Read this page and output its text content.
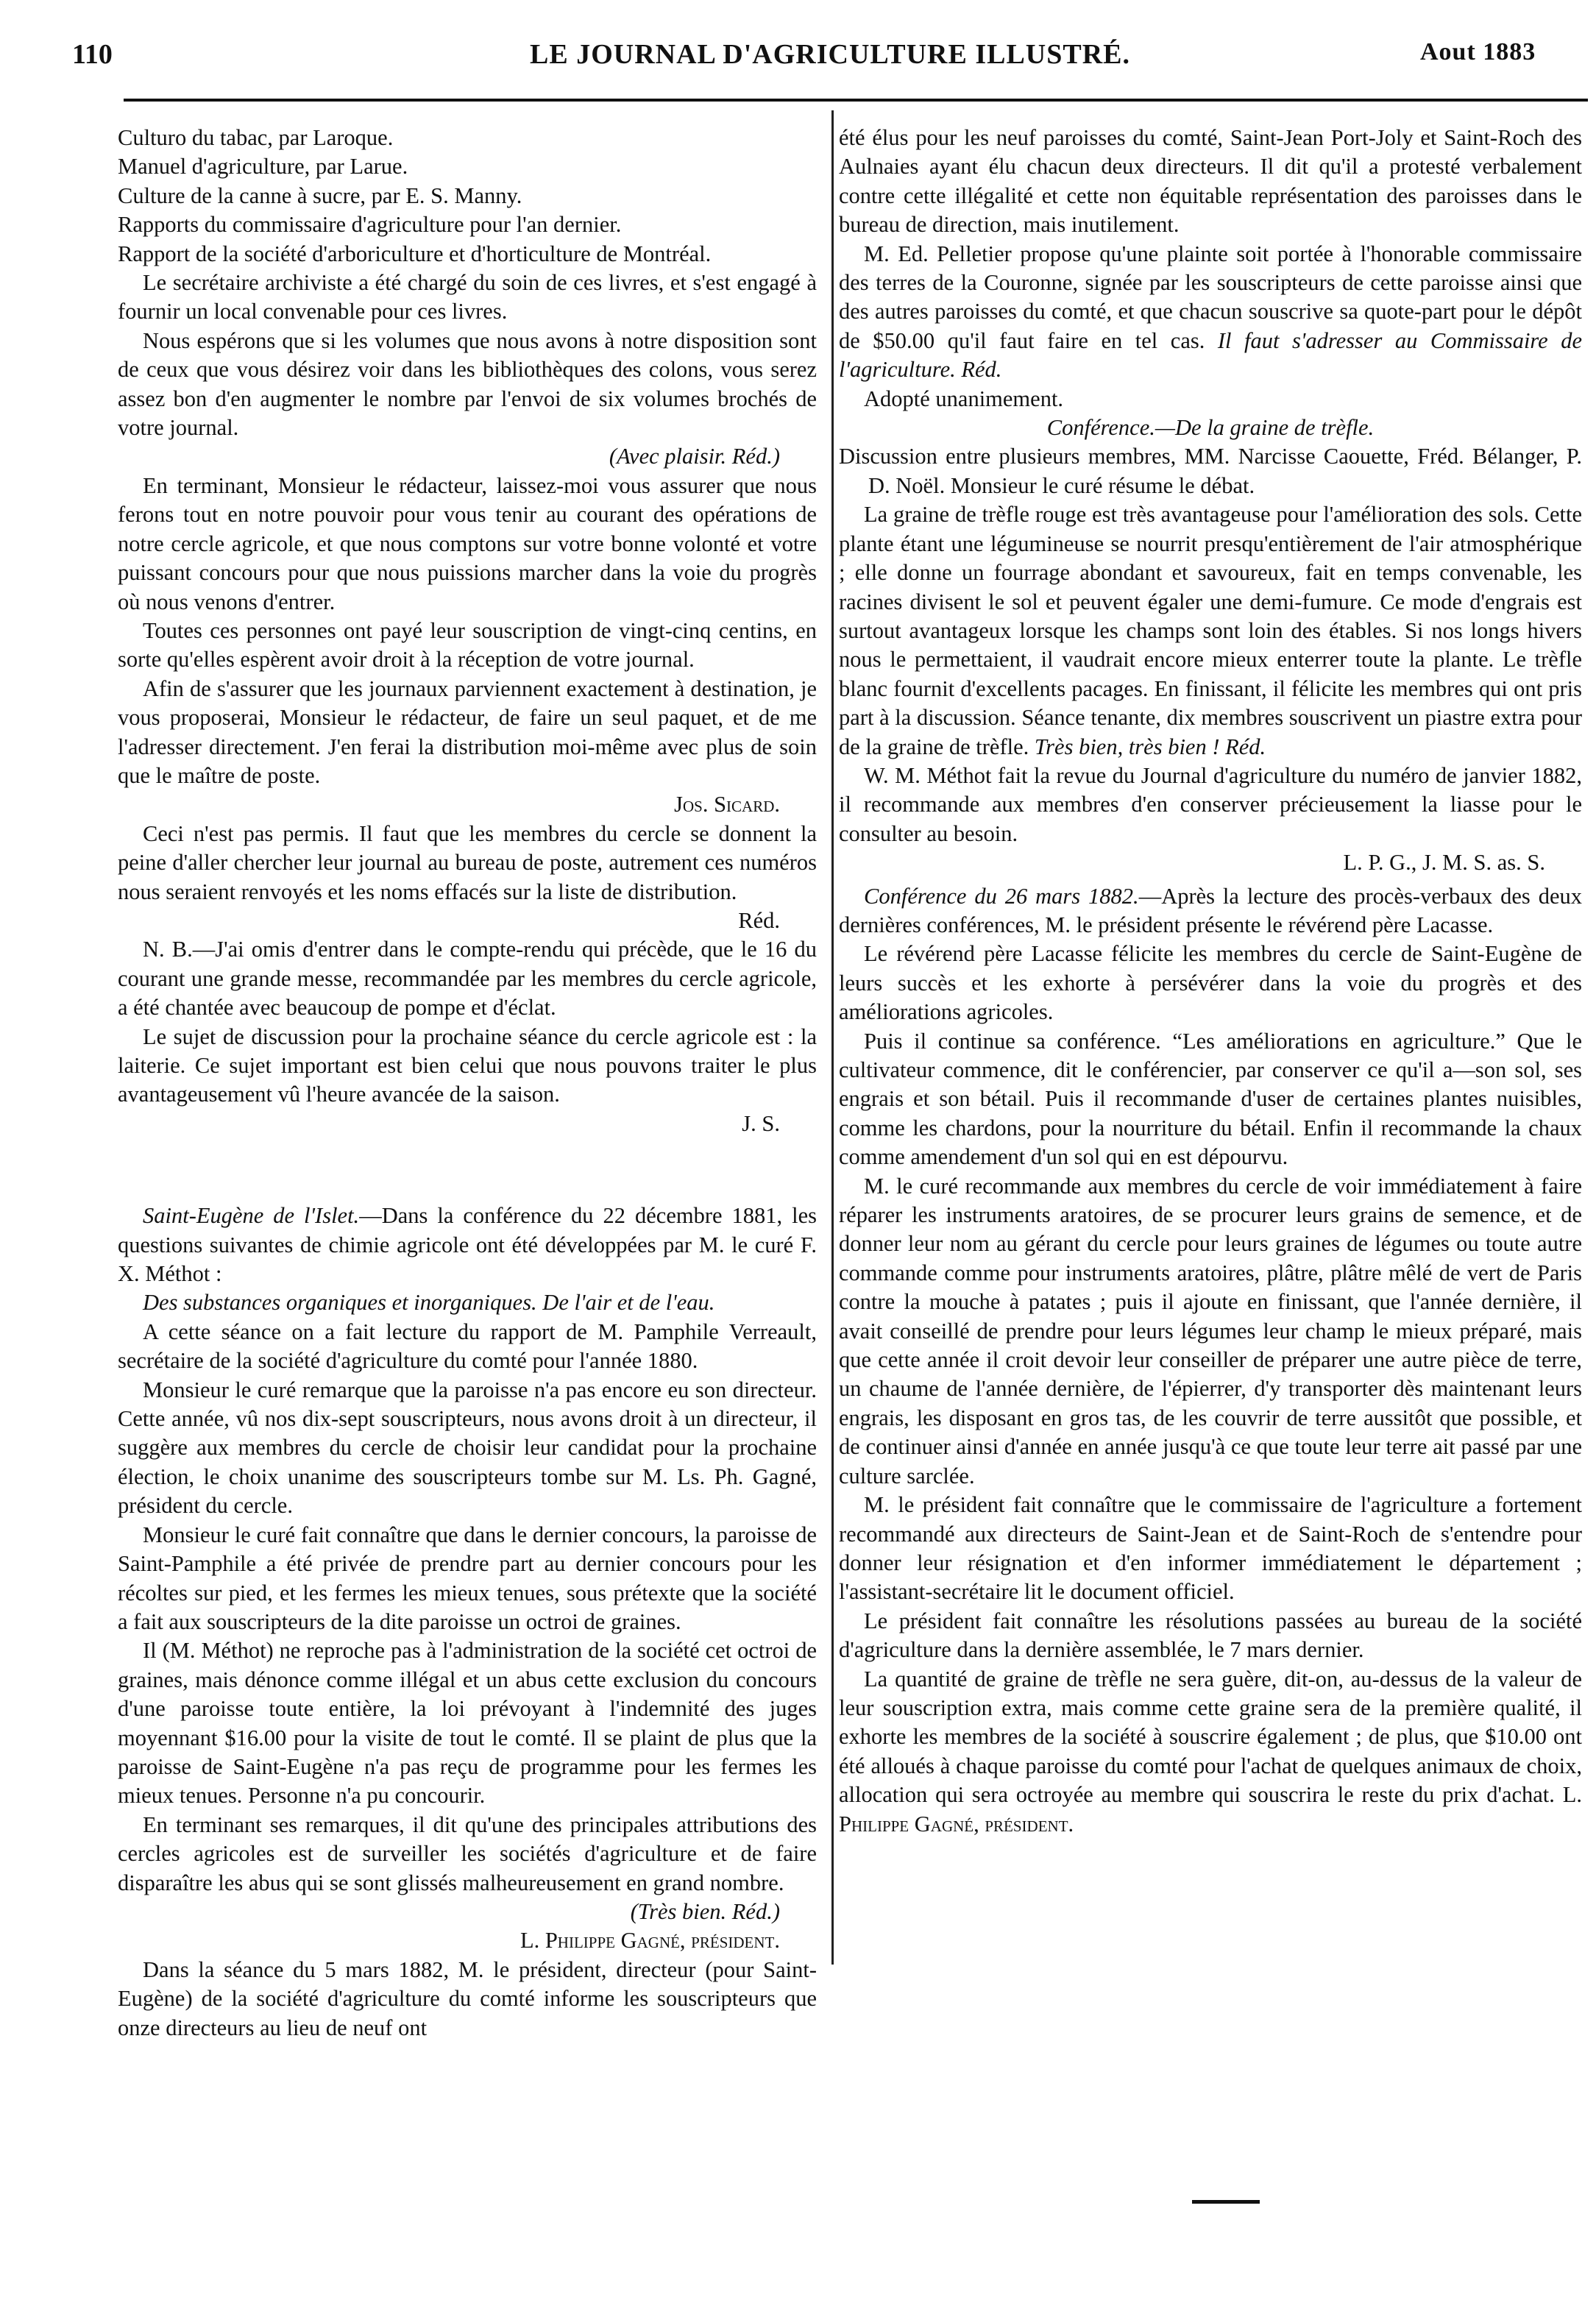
110	LE JOURNAL D'AGRICULTURE ILLUSTRÉ.	Aout 1883

Culturo du tabac, par Laroque.

Manuel d'agriculture, par Larue.

Culture de la canne à sucre, par E. S. Manny.

Rapports du commissaire d'agriculture pour l'an dernier.

Rapport de la société d'arboriculture et d'horticulture de Montréal.

Le secrétaire archiviste a été chargé du soin de ces livres, et s'est engagé à fournir un local convenable pour ces livres.

Nous espérons que si les volumes que nous avons à notre disposition sont de ceux que vous désirez voir dans les bibliothèques des colons, vous serez assez bon d'en augmenter le nombre par l'envoi de six volumes brochés de votre journal.

(Avec plaisir. Réd.)

En terminant, Monsieur le rédacteur, laissez-moi vous assurer que nous ferons tout en notre pouvoir pour vous tenir au courant des opérations de notre cercle agricole, et que nous comptons sur votre bonne volonté et votre puissant concours pour que nous puissions marcher dans la voie du progrès où nous venons d'entrer.

Toutes ces personnes ont payé leur souscription de vingt-cinq centins, en sorte qu'elles espèrent avoir droit à la réception de votre journal.

Afin de s'assurer que les journaux parviennent exactement à destination, je vous proposerai, Monsieur le rédacteur, de faire un seul paquet, et de me l'adresser directement. J'en ferai la distribution moi-même avec plus de soin que le maître de poste.

Jos. Sicard.

Ceci n'est pas permis. Il faut que les membres du cercle se donnent la peine d'aller chercher leur journal au bureau de poste, autrement ces numéros nous seraient renvoyés et les noms effacés sur la liste de distribution.

Réd.

N. B.—J'ai omis d'entrer dans le compte-rendu qui précède, que le 16 du courant une grande messe, recommandée par les membres du cercle agricole, a été chantée avec beaucoup de pompe et d'éclat.

Le sujet de discussion pour la prochaine séance du cercle agricole est : la laiterie. Ce sujet important est bien celui que nous pouvons traiter le plus avantageusement vû l'heure avancée de la saison.

J. S.

Saint-Eugène de l'Islet.—Dans la conférence du 22 décembre 1881, les questions suivantes de chimie agricole ont été développées par M. le curé F. X. Méthot :

Des substances organiques et inorganiques. De l'air et de l'eau.

A cette séance on a fait lecture du rapport de M. Pamphile Verreault, secrétaire de la société d'agriculture du comté pour l'année 1880.

Monsieur le curé remarque que la paroisse n'a pas encore eu son directeur. Cette année, vû nos dix-sept souscripteurs, nous avons droit à un directeur, il suggère aux membres du cercle de choisir leur candidat pour la prochaine élection, le choix unanime des souscripteurs tombe sur M. Ls. Ph. Gagné, président du cercle.

Monsieur le curé fait connaître que dans le dernier concours, la paroisse de Saint-Pamphile a été privée de prendre part au dernier concours pour les récoltes sur pied, et les fermes les mieux tenues, sous prétexte que la société a fait aux souscripteurs de la dite paroisse un octroi de graines.

Il (M. Méthot) ne reproche pas à l'administration de la société cet octroi de graines, mais dénonce comme illégal et un abus cette exclusion du concours d'une paroisse toute entière, la loi prévoyant à l'indemnité des juges moyennant $16.00 pour la visite de tout le comté. Il se plaint de plus que la paroisse de Saint-Eugène n'a pas reçu de programme pour les fermes les mieux tenues. Personne n'a pu concourir.

En terminant ses remarques, il dit qu'une des principales attributions des cercles agricoles est de surveiller les sociétés d'agriculture et de faire disparaître les abus qui se sont glissés malheureusement en grand nombre.

(Très bien. Réd.)

L. Philippe Gagné, président.

Dans la séance du 5 mars 1882, M. le président, directeur (pour Saint-Eugène) de la société d'agriculture du comté informe les souscripteurs que onze directeurs au lieu de neuf ont

été élus pour les neuf paroisses du comté, Saint-Jean Port-Joly et Saint-Roch des Aulnaies ayant élu chacun deux directeurs. Il dit qu'il a protesté verbalement contre cette illégalité et cette non équitable représentation des paroisses dans le bureau de direction, mais inutilement.

M. Ed. Pelletier propose qu'une plainte soit portée à l'honorable commissaire des terres de la Couronne, signée par les souscripteurs de cette paroisse ainsi que des autres paroisses du comté, et que chacun souscrive sa quote-part pour le dépôt de $50.00 qu'il faut faire en tel cas. Il faut s'adresser au Commissaire de l'agriculture. Réd.

Adopté unanimement.

Conférence.—De la graine de trèfle.

Discussion entre plusieurs membres, MM. Narcisse Caouette, Fréd. Bélanger, P. D. Noël. Monsieur le curé résume le débat.

La graine de trèfle rouge est très avantageuse pour l'amélioration des sols. Cette plante étant une légumineuse se nourrit presqu'entièrement de l'air atmosphérique ; elle donne un fourrage abondant et savoureux, fait en temps convenable, les racines divisent le sol et peuvent égaler une demi-fumure. Ce mode d'engrais est surtout avantageux lorsque les champs sont loin des étables. Si nos longs hivers nous le permettaient, il vaudrait encore mieux enterrer toute la plante. Le trèfle blanc fournit d'excellents pacages. En finissant, il félicite les membres qui ont pris part à la discussion. Séance tenante, dix membres souscrivent un piastre extra pour de la graine de trèfle. Très bien, très bien ! Réd.

W. M. Méthot fait la revue du Journal d'agriculture du numéro de janvier 1882, il recommande aux membres d'en conserver précieusement la liasse pour le consulter au besoin.

L. P. G., J. M. S. as. S.

Conférence du 26 mars 1882.—Après la lecture des procès-verbaux des deux dernières conférences, M. le président présente le révérend père Lacasse.

Le révérend père Lacasse félicite les membres du cercle de Saint-Eugène de leurs succès et les exhorte à persévérer dans la voie du progrès et des améliorations agricoles.

Puis il continue sa conférence. “Les améliorations en agriculture.” Que le cultivateur commence, dit le conférencier, par conserver ce qu'il a—son sol, ses engrais et son bétail. Puis il recommande d'user de certaines plantes nuisibles, comme les chardons, pour la nourriture du bétail. Enfin il recommande la chaux comme amendement d'un sol qui en est dépourvu.

M. le curé recommande aux membres du cercle de voir immédiatement à faire réparer les instruments aratoires, de se procurer leurs grains de semence, et de donner leur nom au gérant du cercle pour leurs graines de légumes ou toute autre commande comme pour instruments aratoires, plâtre, plâtre mêlé de vert de Paris contre la mouche à patates ; puis il ajoute en finissant, que l'année dernière, il avait conseillé de prendre pour leurs légumes leur champ le mieux préparé, mais que cette année il croit devoir leur conseiller de préparer une autre pièce de terre, un chaume de l'année dernière, de l'épierrer, d'y transporter dès maintenant leurs engrais, les disposant en gros tas, de les couvrir de terre aussitôt que possible, et de continuer ainsi d'année en année jusqu'à ce que toute leur terre ait passé par une culture sarclée.

M. le président fait connaître que le commissaire de l'agriculture a fortement recommandé aux directeurs de Saint-Jean et de Saint-Roch de s'entendre pour donner leur résignation et d'en informer immédiatement le département ; l'assistant-secrétaire lit le document officiel.

Le président fait connaître les résolutions passées au bureau de la société d'agriculture dans la dernière assemblée, le 7 mars dernier.

La quantité de graine de trèfle ne sera guère, dit-on, au-dessus de la valeur de leur souscription extra, mais comme cette graine sera de la première qualité, il exhorte les membres de la société à souscrire également ; de plus, que $10.00 ont été alloués à chaque paroisse du comté pour l'achat de quelques animaux de choix, allocation qui sera octroyée au membre qui souscrira le reste du prix d'achat. L. Philippe Gagné, président.
